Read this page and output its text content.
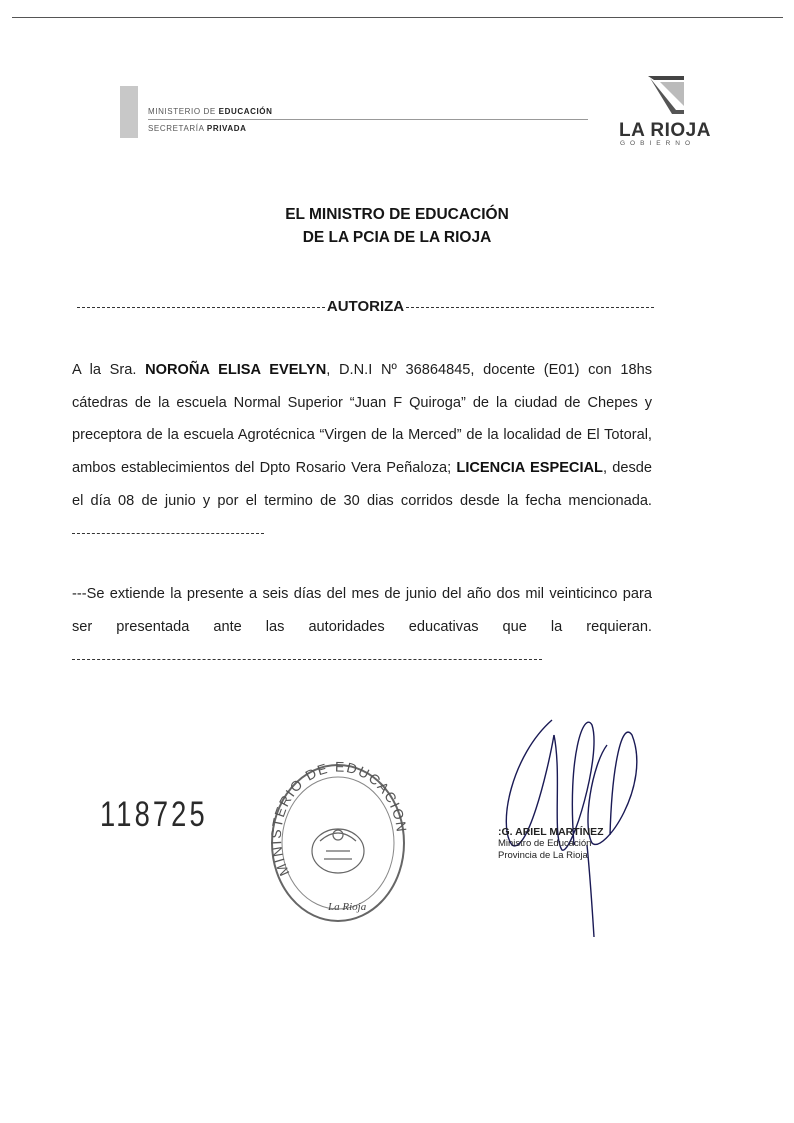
MINISTERIO DE EDUCACIÓN
SECRETARÍA PRIVADA	LA RIOJA
GOBIERNO
EL MINISTRO DE EDUCACIÓN
DE LA PCIA DE LA RIOJA
AUTORIZA
A la Sra. NOROÑA ELISA EVELYN, D.N.I Nº 36864845, docente (E01) con 18hs cátedras de la escuela Normal Superior “Juan F Quiroga” de la ciudad de Chepes y preceptora de la escuela Agrotécnica “Virgen de la Merced” de la localidad de El Totoral, ambos establecimientos del Dpto Rosario Vera Peñaloza; LICENCIA ESPECIAL, desde el día 08 de junio y por el termino de 30 dias corridos desde la fecha mencionada.
---Se extiende la presente a seis días del mes de junio del año dos mil veinticinco para ser presentada ante las autoridades educativas que la requieran.
118725
MINISTERIO DE EDUCACION
La Rioja
:G. ARIEL MARTÍNEZ
Ministro de Educación
Provincia de La Rioja
